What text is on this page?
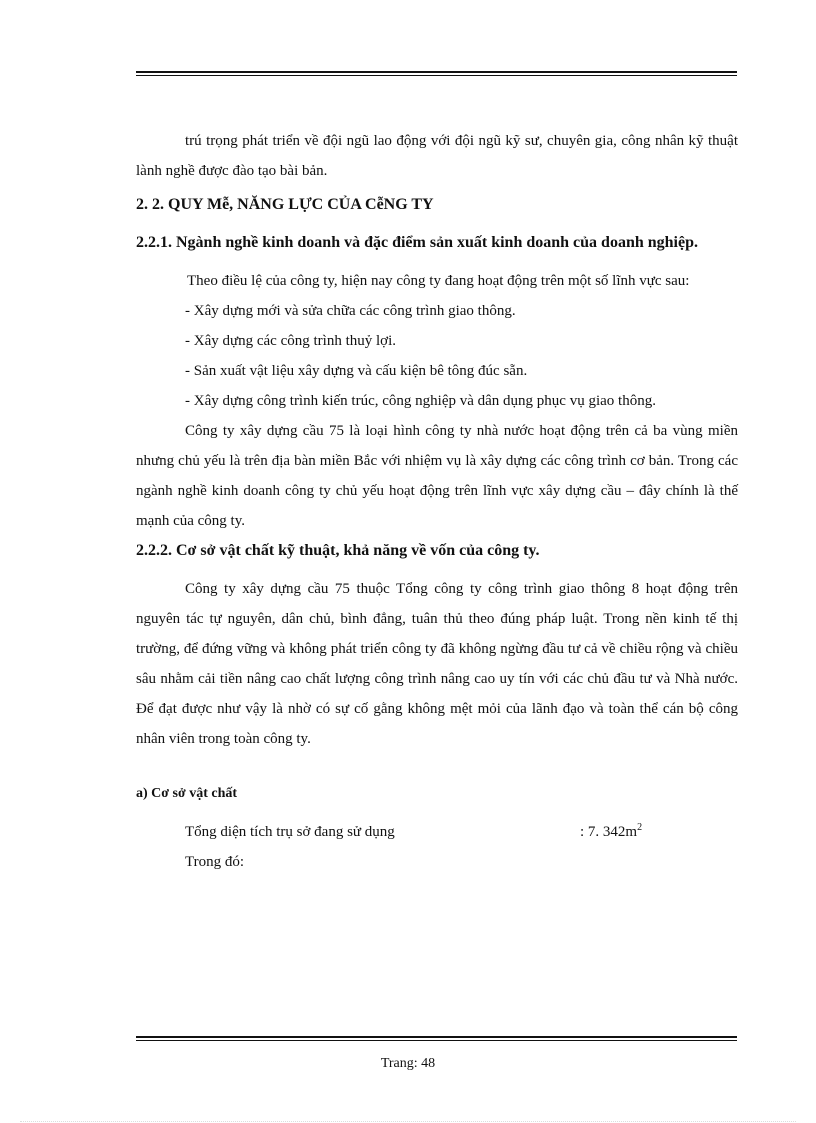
trú trọng phát triển về đội ngũ lao động với đội ngũ kỹ sư, chuyên gia, công nhân kỹ thuật lành nghề được đào tạo bài bản.

2. 2. QUY Mễ, NĂNG LỰC CỦA CễNG TY
2.2.1. Ngành nghề kinh doanh và đặc điểm sản xuất kinh doanh của doanh nghiệp.

Theo điều lệ của công ty, hiện nay công ty đang hoạt động trên một số lĩnh vực sau:

- Xây dựng mới và sửa chữa các công trình giao thông.

- Xây dựng các công trình thuỷ lợi.

- Sản xuất vật liệu xây dựng và cấu kiện bê tông đúc sẵn.

- Xây dựng công trình kiến trúc, công nghiệp và dân dụng phục vụ giao thông.

Công ty xây dựng cầu 75 là loại hình công ty nhà nước hoạt động trên cả ba vùng miền nhưng chủ yếu là trên địa bàn miền Bắc với nhiệm vụ là xây dựng các công trình cơ bản. Trong các ngành nghề kinh doanh công ty chủ yếu hoạt động trên lĩnh vực xây dựng cầu – đây chính là thế mạnh của công ty.

2.2.2. Cơ sở vật chất kỹ thuật, khả năng về vốn của công ty.

Công ty xây dựng cầu 75 thuộc Tổng công ty công trình giao thông 8 hoạt động trên nguyên tác tự nguyên, dân chủ, bình đẳng, tuân thủ theo đúng pháp luật. Trong nền kinh tế thị trường, để đứng vững và không phát triển công ty đã không ngừng đầu tư cả về chiều rộng và chiều sâu nhằm cải tiền nâng cao chất lượng công trình nâng cao uy tín với các chủ đầu tư và Nhà nước. Để đạt được như vậy là nhờ có sự cố gằng không mệt mỏi của lãnh đạo và toàn thể cán bộ công nhân viên trong toàn công ty.

a) Cơ sở vật chất
Tổng diện tích trụ sở đang sử dụng	: 7. $342m^2$

Trong đó:

Trang: 48
